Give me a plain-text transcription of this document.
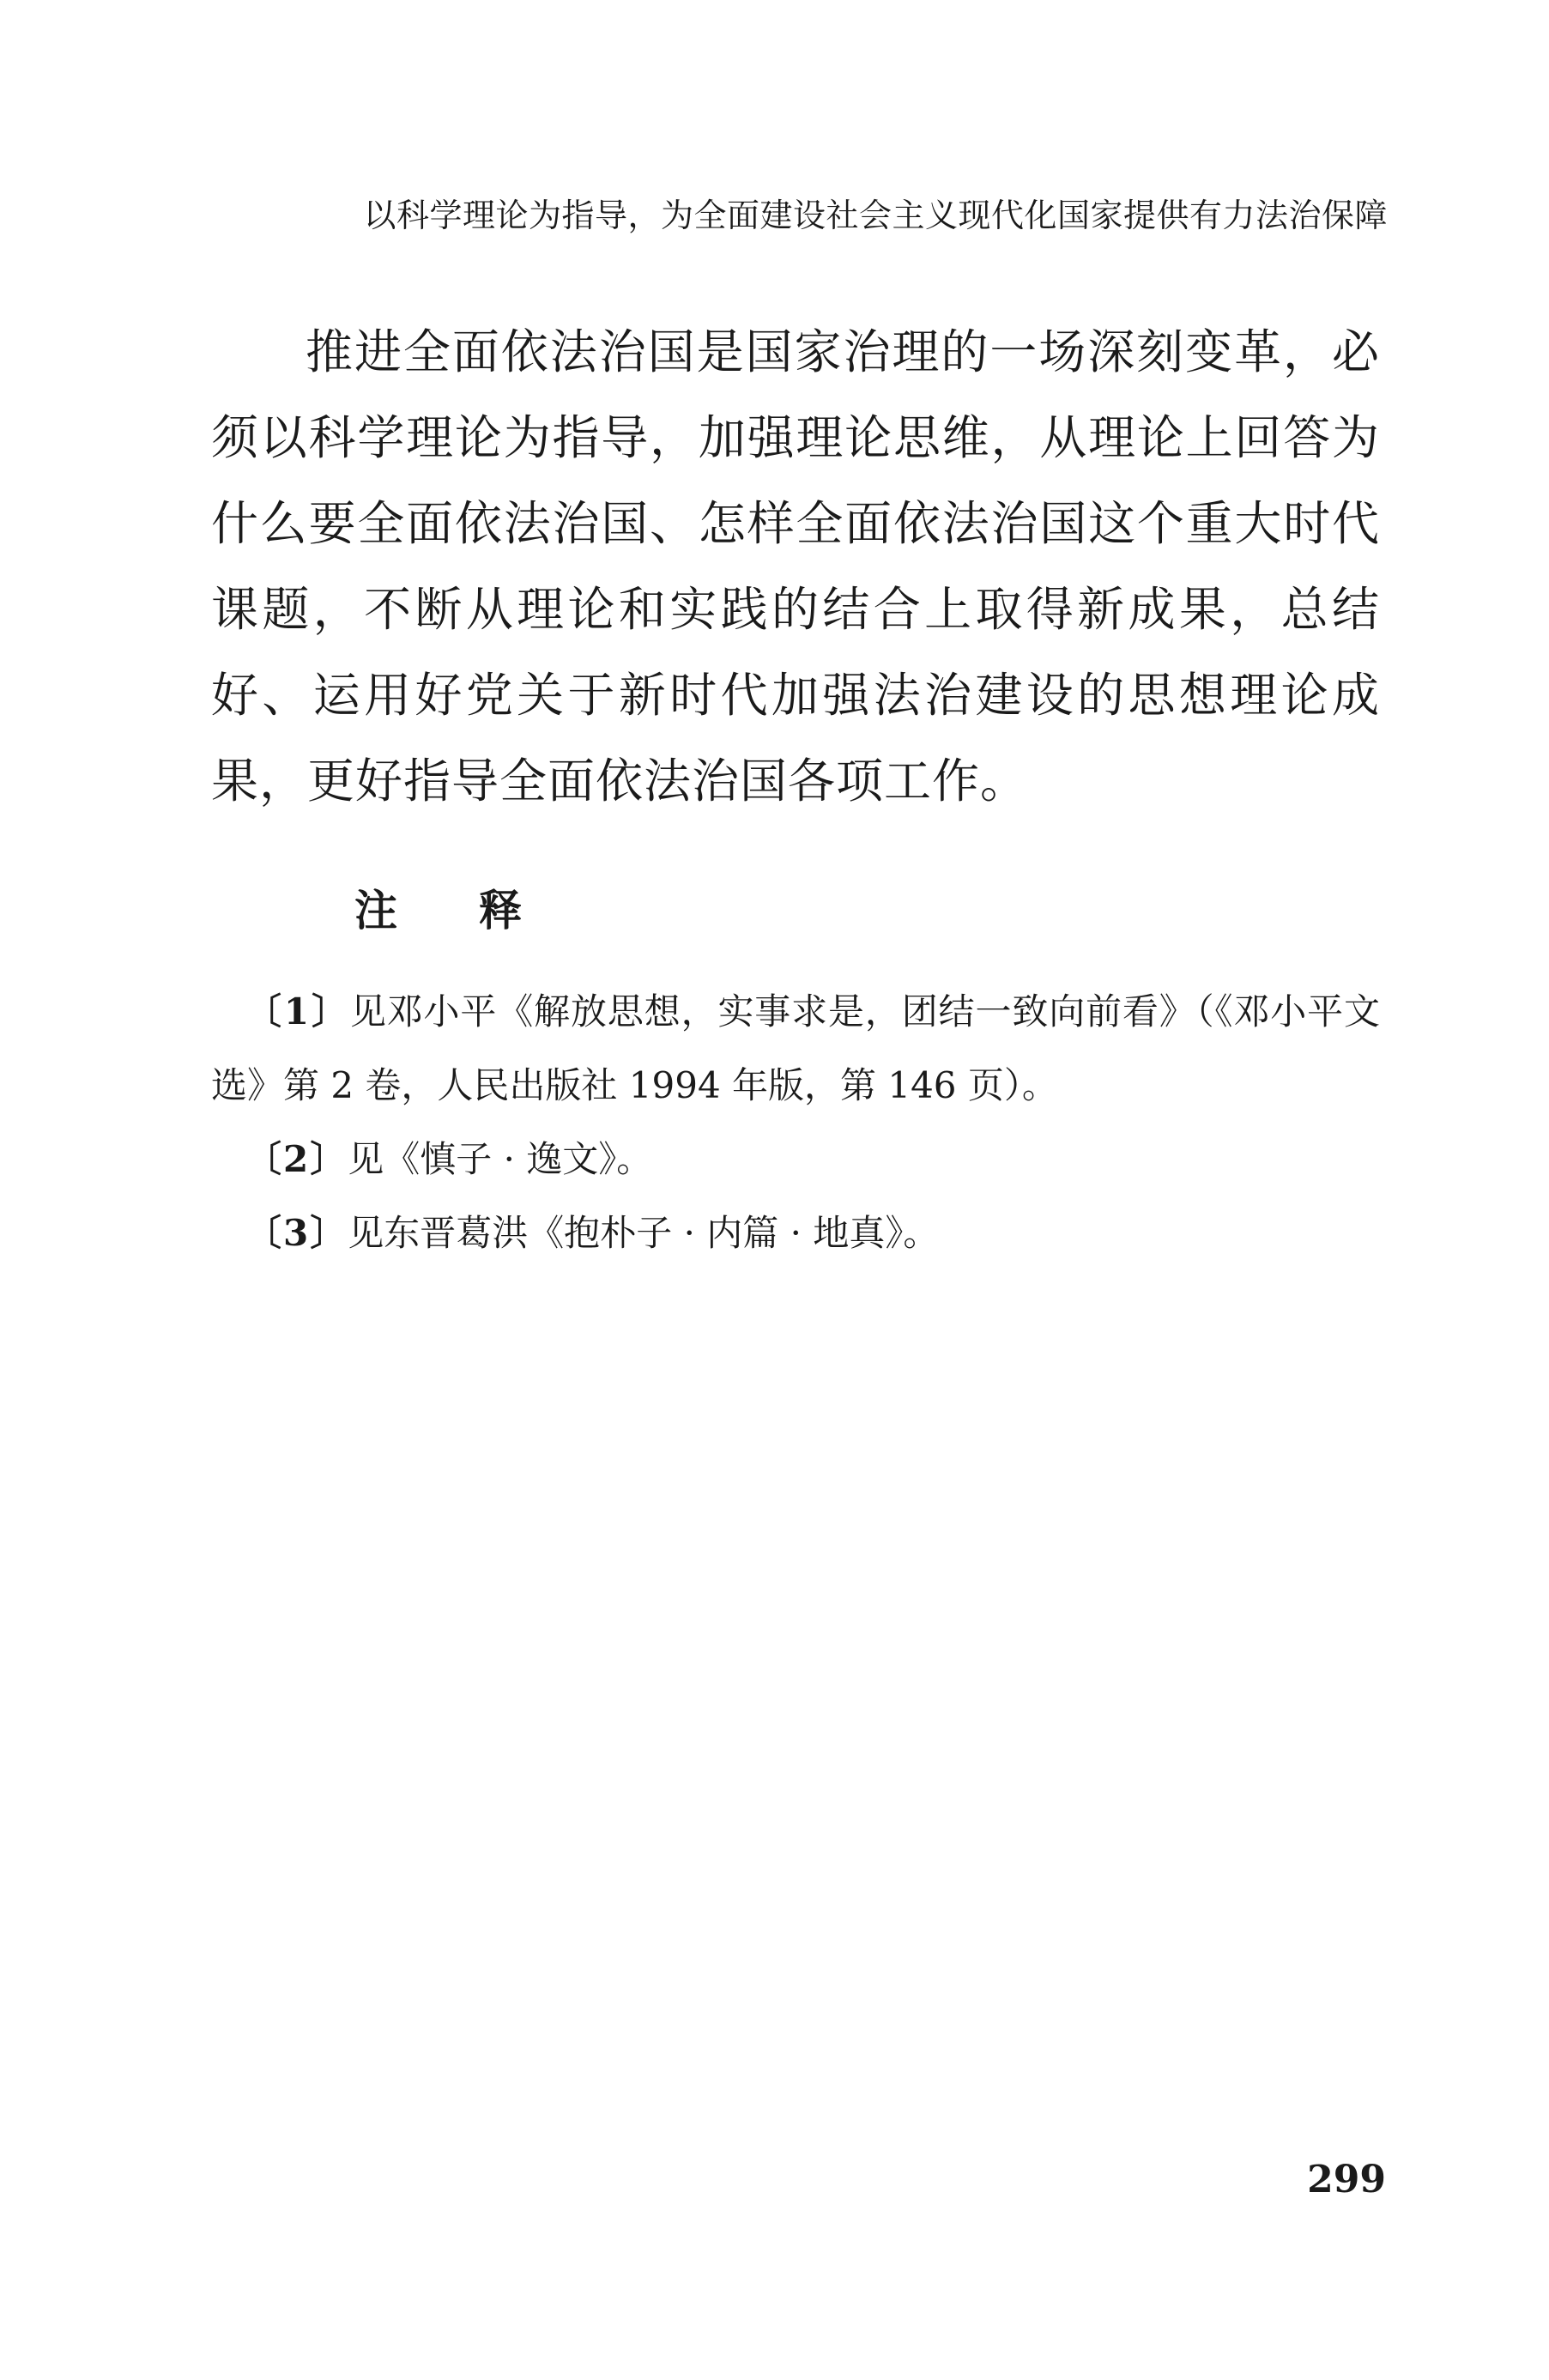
以科学理论为指导，为全面建设社会主义现代化国家提供有力法治保障

推进全面依法治国是国家治理的一场深刻变革，必须以科学理论为指导，加强理论思维，从理论上回答为什么要全面依法治国、怎样全面依法治国这个重大时代课题，不断从理论和实践的结合上取得新成果，总结好、运用好党关于新时代加强法治建设的思想理论成果，更好指导全面依法治国各项工作。

注释
〔1〕见邓小平《解放思想，实事求是，团结一致向前看》（《邓小平文选》第 2 卷，人民出版社 1994 年版，第 146 页）。
〔2〕见《慎子 · 逸文》。
〔3〕见东晋葛洪《抱朴子 · 内篇 · 地真》。
299
